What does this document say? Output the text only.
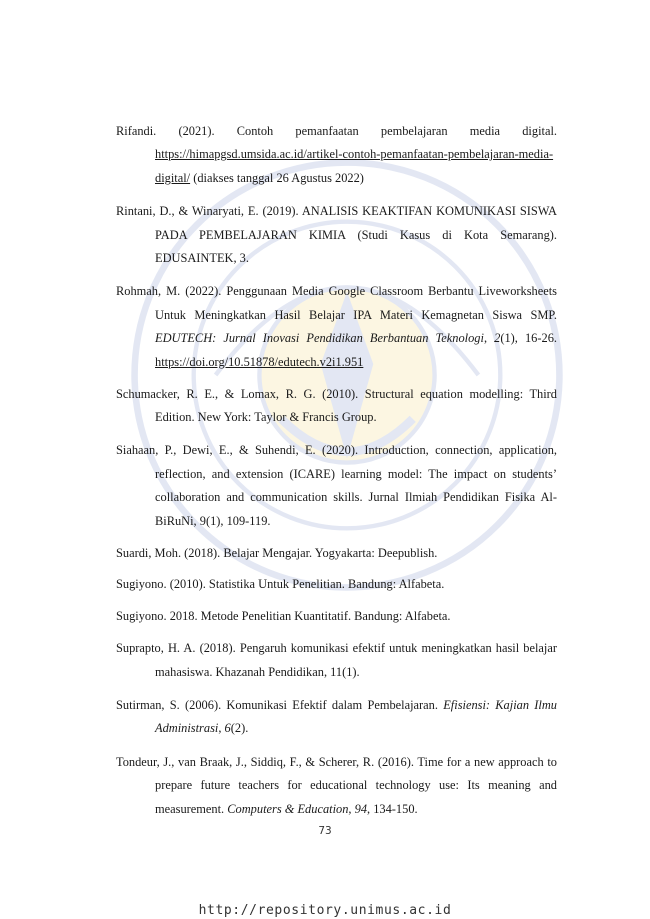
Rifandi. (2021). Contoh pemanfaatan pembelajaran media digital. https://himapgsd.umsida.ac.id/artikel-contoh-pemanfaatan-pembelajaran-media-digital/ (diakses tanggal 26 Agustus 2022)

Rintani, D., & Winaryati, E. (2019). ANALISIS KEAKTIFAN KOMUNIKASI SISWA PADA PEMBELAJARAN KIMIA (Studi Kasus di Kota Semarang). EDUSAINTEK, 3.

Rohmah, M. (2022). Penggunaan Media Google Classroom Berbantu Liveworksheets Untuk Meningkatkan Hasil Belajar IPA Materi Kemagnetan Siswa SMP. EDUTECH: Jurnal Inovasi Pendidikan Berbantuan Teknologi, 2(1), 16-26. https://doi.org/10.51878/edutech.v2i1.951

Schumacker, R. E., & Lomax, R. G. (2010). Structural equation modelling: Third Edition. New York: Taylor & Francis Group.

Siahaan, P., Dewi, E., & Suhendi, E. (2020). Introduction, connection, application, reflection, and extension (ICARE) learning model: The impact on students’ collaboration and communication skills. Jurnal Ilmiah Pendidikan Fisika Al-BiRuNi, 9(1), 109-119.

Suardi, Moh. (2018). Belajar Mengajar. Yogyakarta: Deepublish.

Sugiyono. (2010). Statistika Untuk Penelitian. Bandung: Alfabeta.

Sugiyono. 2018. Metode Penelitian Kuantitatif. Bandung: Alfabeta.

Suprapto, H. A. (2018). Pengaruh komunikasi efektif untuk meningkatkan hasil belajar mahasiswa. Khazanah Pendidikan, 11(1).

Sutirman, S. (2006). Komunikasi Efektif dalam Pembelajaran. Efisiensi: Kajian Ilmu Administrasi, 6(2).

Tondeur, J., van Braak, J., Siddiq, F., & Scherer, R. (2016). Time for a new approach to prepare future teachers for educational technology use: Its meaning and measurement. Computers & Education, 94, 134-150.

73
http://repository.unimus.ac.id
